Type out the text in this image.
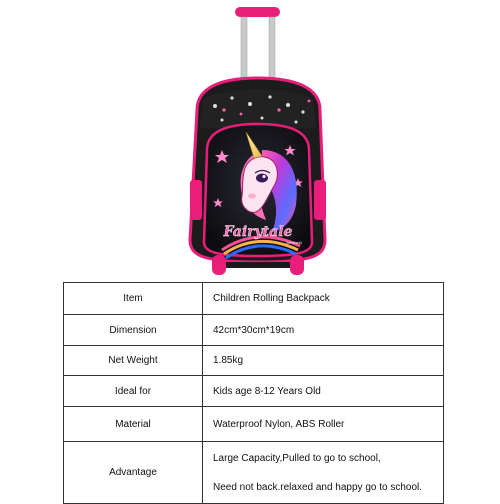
Fairytale
ArtWorld
Item	Children Rolling Backpack
Dimension	42cm*30cm*19cm
Net Weight	1.85kg
Ideal for	Kids age 8-12 Years Old
Material	Waterproof Nylon, ABS Roller
Advantage	Large Capacity,Pulled to go to school,
Need not back.relaxed and happy go to school.
